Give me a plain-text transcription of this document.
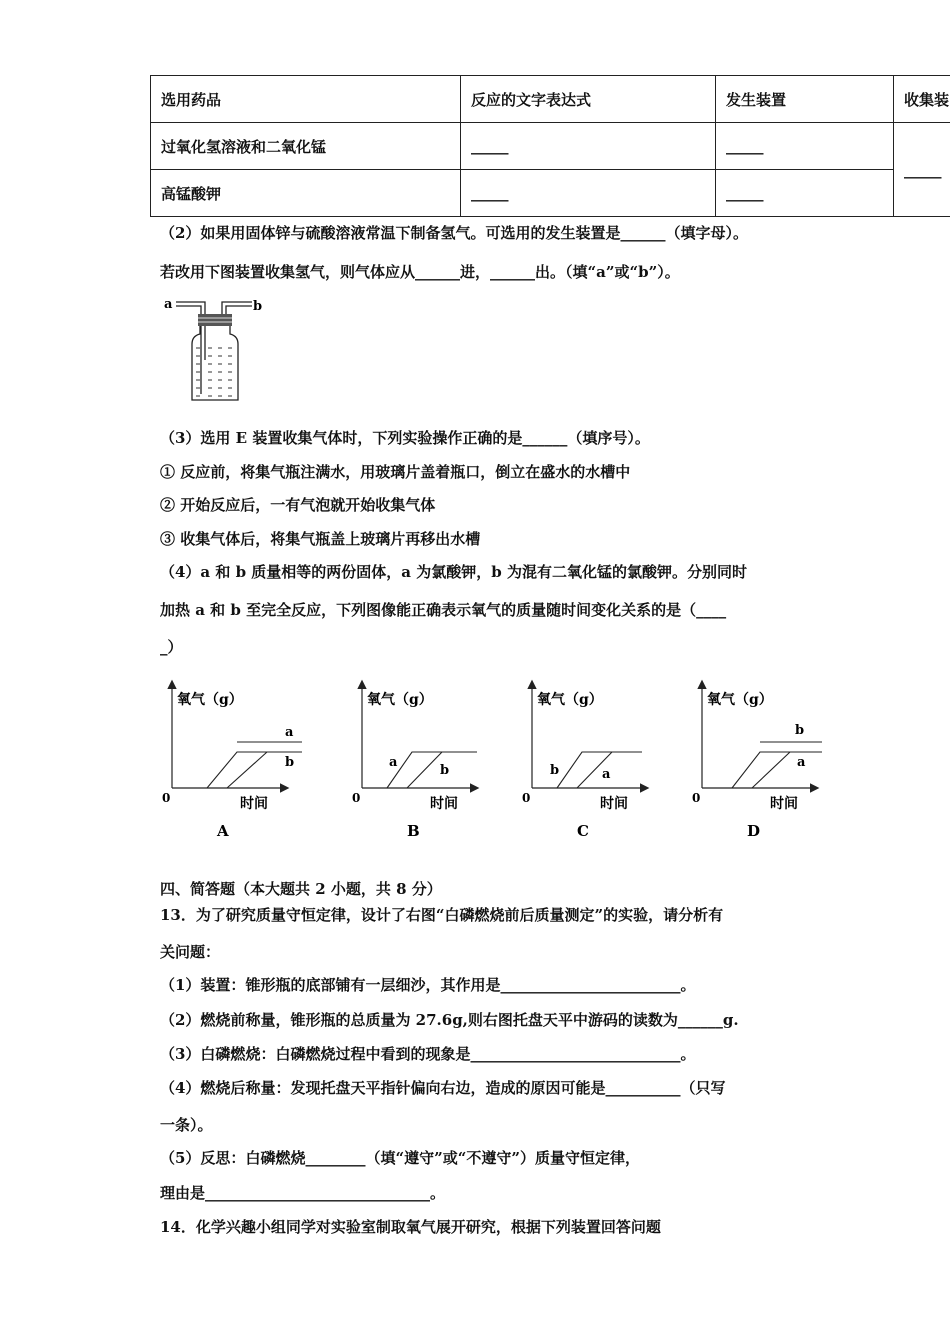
选用药品	反应的文字表达式	发生装置	收集装
过氧化氢溶液和二氧化锰	_____	_____	_____
高锰酸钾	_____	_____	
（2）如果用固体锌与硫酸溶液常温下制备氢气。可选用的发生装置是______（填字母）。
若改用下图装置收集氢气，则气体应从______进，______出。（填“a”或“b”）。
a	b
（3）选用 E 装置收集气体时，下列实验操作正确的是______（填序号）。
① 反应前，将集气瓶注满水，用玻璃片盖着瓶口，倒立在盛水的水槽中
② 开始反应后，一有气泡就开始收集气体
③ 收集气体后，将集气瓶盖上玻璃片再移出水槽
（4）a 和 b 质量相等的两份固体，a 为氯酸钾，b 为混有二氧化锰的氯酸钾。分别同时
加热 a 和 b 至完全反应，下列图像能正确表示氧气的质量随时间变化关系的是（____
_）
氧气（g）
0	时间
a
b
A
氧气（g）
0	时间
a
b
B
氧气（g）
0	时间
b	a
C
氧气（g）
0	时间
b
a
D
四、简答题（本大题共 2 小题，共 8 分）
13．为了研究质量守恒定律，设计了右图“白磷燃烧前后质量测定”的实验，请分析有
关问题：
（1）装置：锥形瓶的底部铺有一层细沙，其作用是________________________。
（2）燃烧前称量，锥形瓶的总质量为 27.6g,则右图托盘天平中游码的读数为______g.
（3）白磷燃烧：白磷燃烧过程中看到的现象是____________________________。
（4）燃烧后称量：发现托盘天平指针偏向右边，造成的原因可能是__________（只写
一条）。
（5）反思：白磷燃烧________（填“遵守”或“不遵守”）质量守恒定律，
理由是______________________________。
14．化学兴趣小组同学对实验室制取氧气展开研究，根据下列装置回答问题
